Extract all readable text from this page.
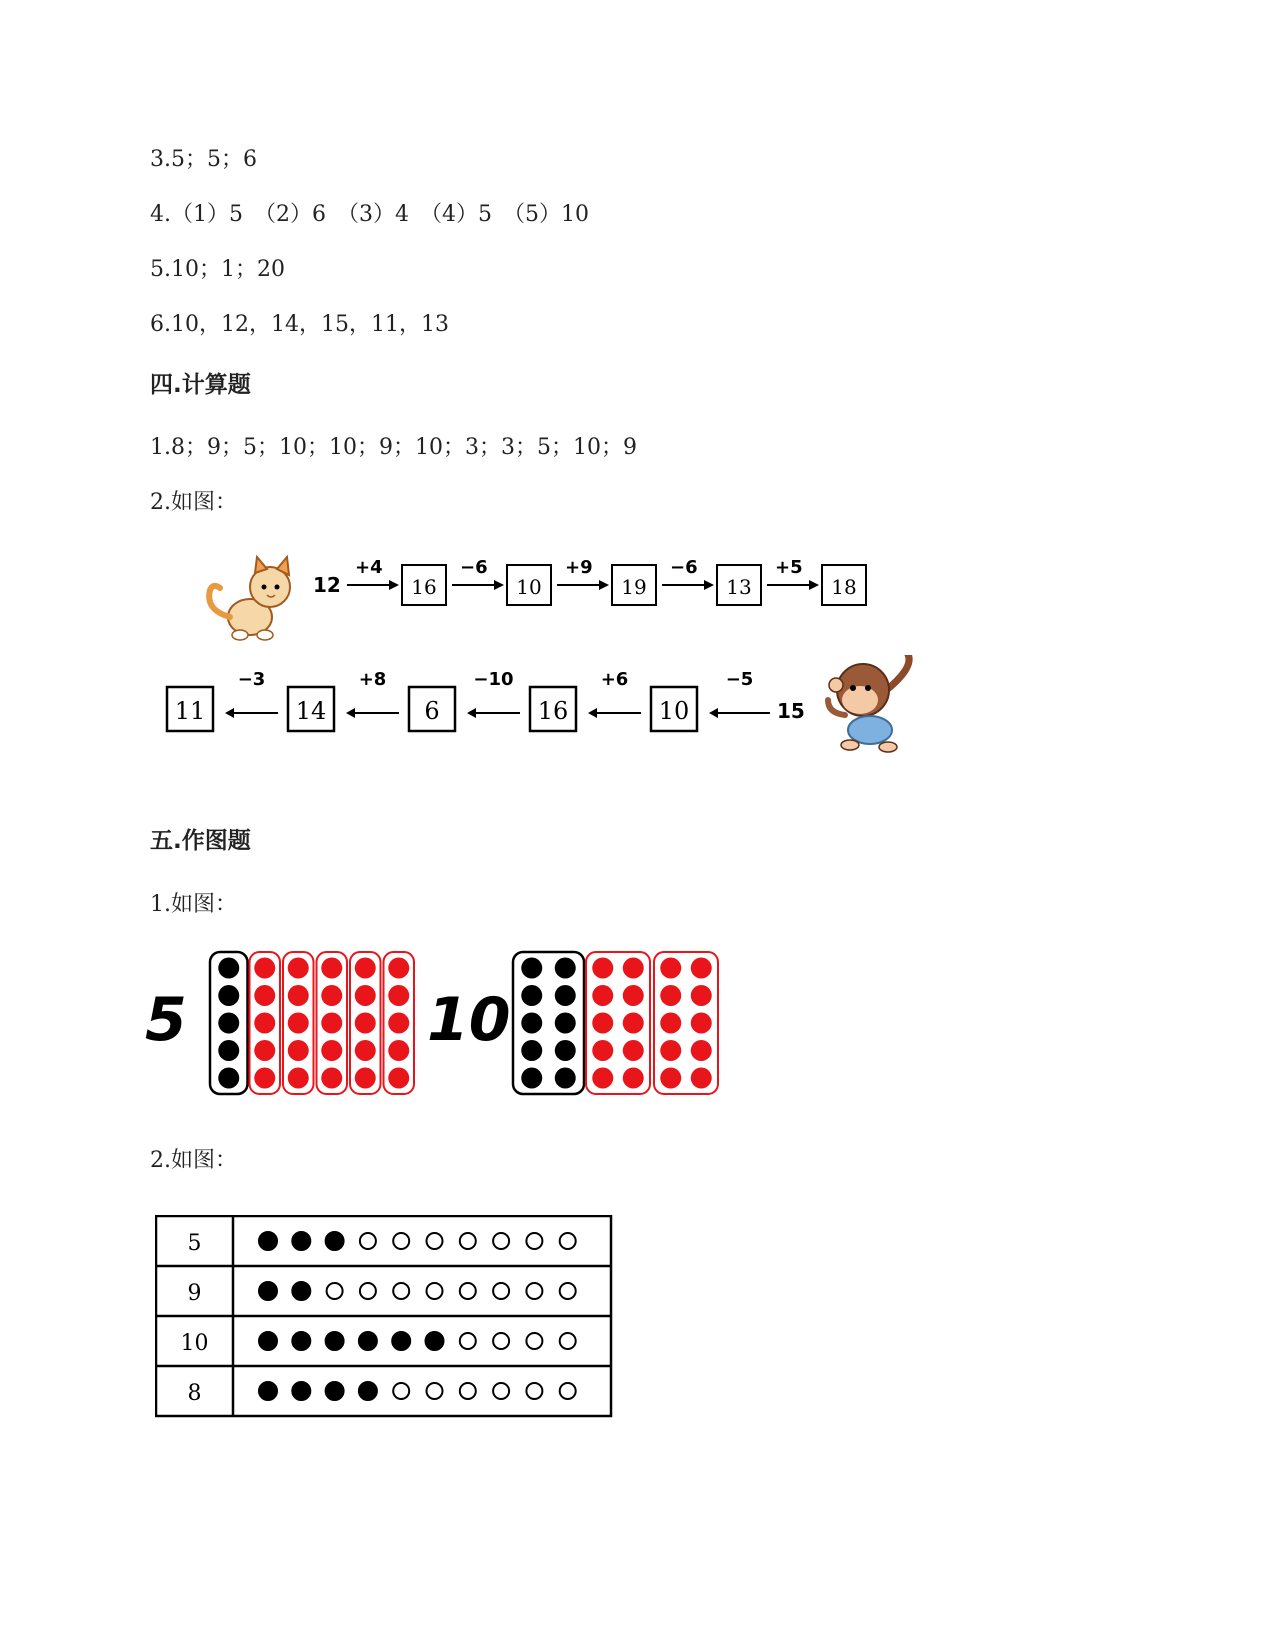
3.5；5；6
4.（1）5　（2）6　（3）4　（4）5　（5）10
5.10；1；20
6.10，12，14，15，11，13
四.计算题
1.8；9；5；10；10；9；10；3；3；5；10；9
2.如图：
12
+4
16
−6
10
+9
19
−6
13
+5
18
11
−3
14
+8
6
−10
16
+6
10
−5
15
五.作图题
1.如图：
5	10
2.如图：
5
9
10
8
